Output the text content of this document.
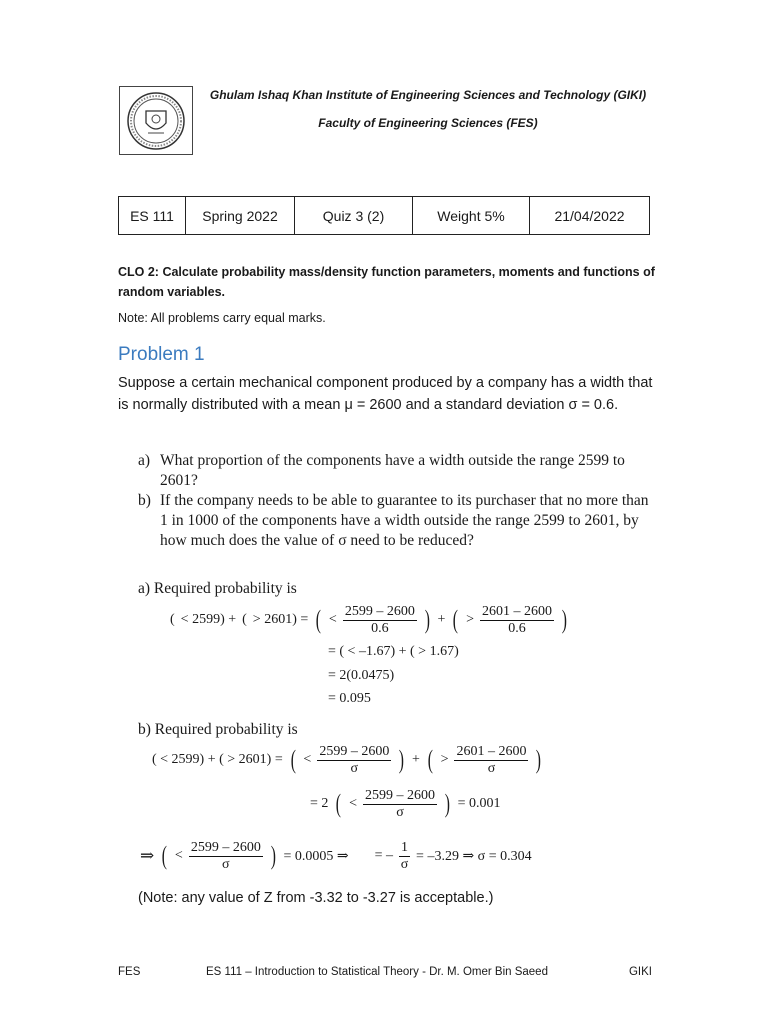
Ghulam Ishaq Khan Institute of Engineering Sciences and Technology (GIKI)
Faculty of Engineering Sciences (FES)
ES 111	Spring 2022	Quiz 3 (2)	Weight 5%	21/04/2022
CLO 2: Calculate probability mass/density function parameters, moments and functions of random variables.
Note: All problems carry equal marks.
Problem 1
Suppose a certain mechanical component produced by a company has a width that is normally distributed with a mean μ = 2600 and a standard deviation σ = 0.6.
a) What proportion of the components have a width outside the range 2599 to 2601?
b) If the company needs to be able to guarantee to its purchaser that no more than 1 in 1000 of the components have a width outside the range 2599 to 2601, by how much does the value of σ need to be reduced?
a) Required probability is
( < 2599) + ( > 2601) = ( < $\frac{2599 - 2600}{0.6}$ ) + ( > $\frac{2601 - 2600}{0.6}$ )
= ( < –1.67) + ( > 1.67)
= 2(0.0475)
= 0.095
b) Required probability is
( < 2599) + ( > 2601) = ( < $\frac{2599 - 2600}{\sigma}$ ) + ( > $\frac{2601 - 2600}{\sigma}$ )
= 2 ( < $\frac{2599 - 2600}{\sigma}$ ) = 0.001
⇒ ( < $\frac{2599 - 2600}{\sigma}$ ) = 0.0005 ⇒ = – $\frac{1}{\sigma} = -3.29$ ⇒ σ = 0.304
(Note: any value of Z from -3.32 to -3.27 is acceptable.)
FES	ES 111 – Introduction to Statistical Theory - Dr. M. Omer Bin Saeed	GIKI
